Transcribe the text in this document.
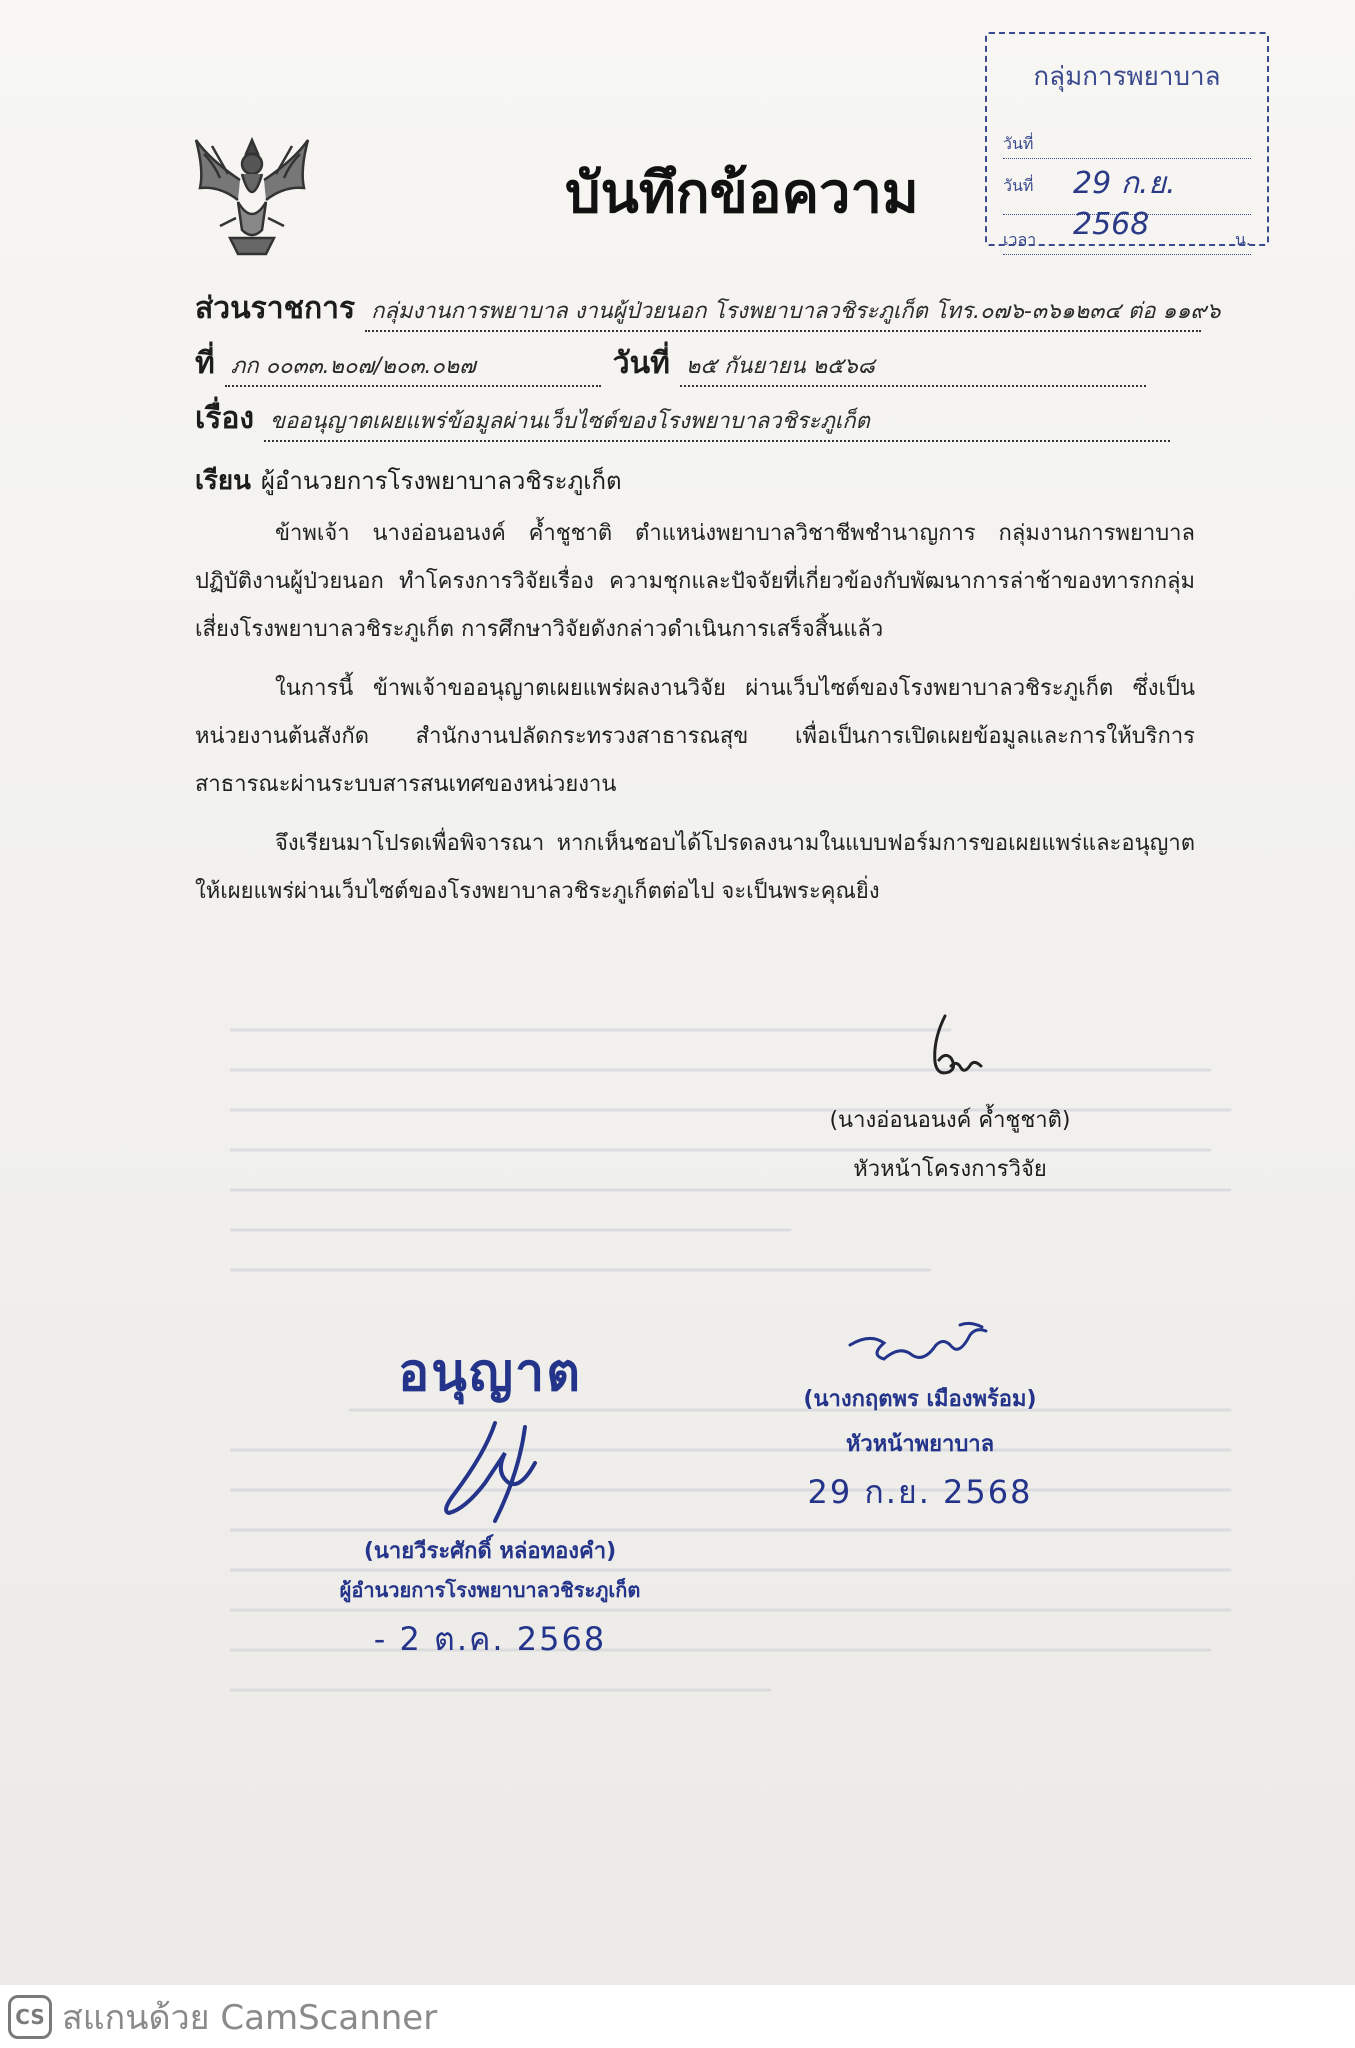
กลุ่มการพยาบาล
วันที่
วันที่ 29 ก.ย. 2568
เวลา	น.
บันทึกข้อความ
ส่วนราชการ กลุ่มงานการพยาบาล งานผู้ป่วยนอก โรงพยาบาลวชิระภูเก็ต โทร.๐๗๖-๓๖๑๒๓๔ ต่อ ๑๑๙๖
ที่ ภก ๐๐๓๓.๒๐๗/๒๐๓.๐๒๗	วันที่ ๒๕ กันยายน ๒๕๖๘
เรื่อง ขออนุญาตเผยแพร่ข้อมูลผ่านเว็บไซต์ของโรงพยาบาลวชิระภูเก็ต
เรียน ผู้อำนวยการโรงพยาบาลวชิระภูเก็ต
ข้าพเจ้า นางอ่อนอนงค์ ค้ำชูชาติ ตำแหน่งพยาบาลวิชาชีพชำนาญการ กลุ่มงานการพยาบาล ปฏิบัติงานผู้ป่วยนอก ทำโครงการวิจัยเรื่อง ความชุกและปัจจัยที่เกี่ยวข้องกับพัฒนาการล่าช้าของทารกกลุ่มเสี่ยงโรงพยาบาลวชิระภูเก็ต การศึกษาวิจัยดังกล่าวดำเนินการเสร็จสิ้นแล้ว
ในการนี้ ข้าพเจ้าขออนุญาตเผยแพร่ผลงานวิจัย ผ่านเว็บไซต์ของโรงพยาบาลวชิระภูเก็ต ซึ่งเป็นหน่วยงานต้นสังกัด สำนักงานปลัดกระทรวงสาธารณสุข เพื่อเป็นการเปิดเผยข้อมูลและการให้บริการสาธารณะผ่านระบบสารสนเทศของหน่วยงาน
จึงเรียนมาโปรดเพื่อพิจารณา หากเห็นชอบได้โปรดลงนามในแบบฟอร์มการขอเผยแพร่และอนุญาตให้เผยแพร่ผ่านเว็บไซต์ของโรงพยาบาลวชิระภูเก็ตต่อไป จะเป็นพระคุณยิ่ง
(นางอ่อนอนงค์ ค้ำชูชาติ)
หัวหน้าโครงการวิจัย
(นางกฤตพร เมืองพร้อม)
หัวหน้าพยาบาล
29 ก.ย. 2568
อนุญาต
(นายวีระศักดิ์ หล่อทองคำ)
ผู้อำนวยการโรงพยาบาลวชิระภูเก็ต
- 2 ต.ค. 2568
CS สแกนด้วย CamScanner
